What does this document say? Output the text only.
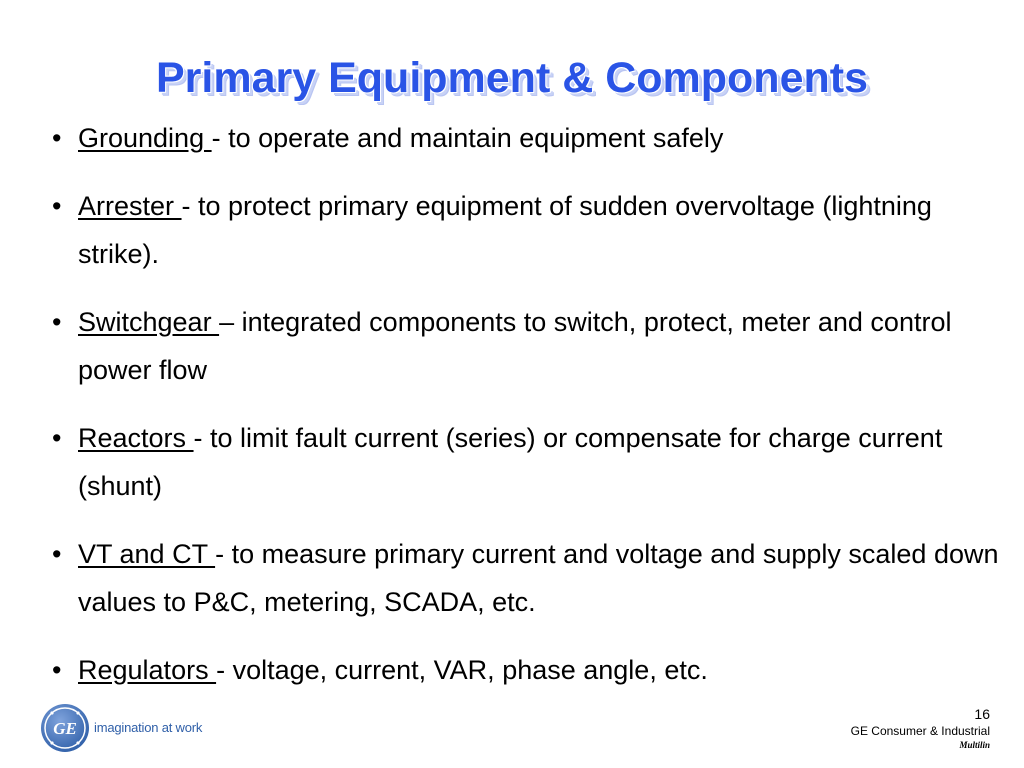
Primary Equipment & Components
• Grounding - to operate and maintain equipment safely
• Arrester - to protect primary equipment of sudden overvoltage (lightning strike).
• Switchgear – integrated components to switch, protect, meter and control power flow
• Reactors - to limit fault current (series) or compensate for charge current (shunt)
• VT and CT - to measure primary current and voltage and supply scaled down values to P&C, metering, SCADA, etc.
• Regulators - voltage, current, VAR, phase angle, etc.
GE imagination at work
16
GE Consumer & Industrial
Multilin
